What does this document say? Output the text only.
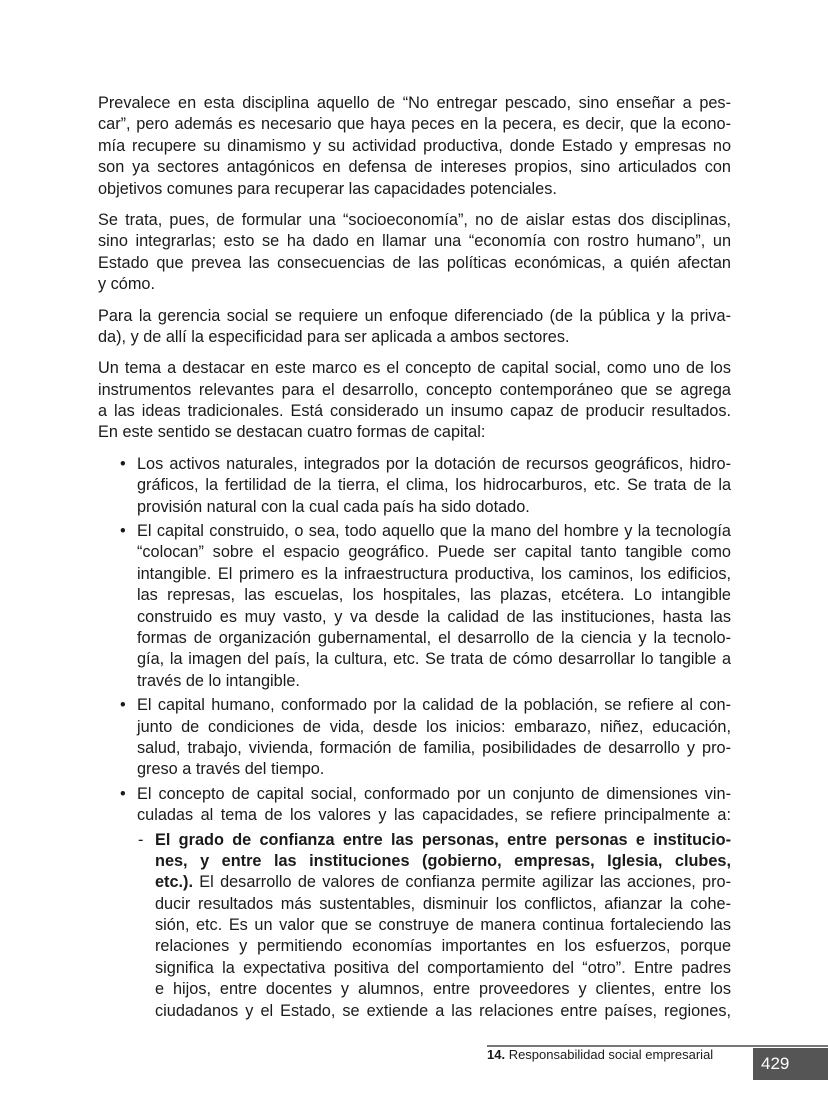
Prevalece en esta disciplina aquello de “No entregar pescado, sino enseñar a pes-
car”, pero además es necesario que haya peces en la pecera, es decir, que la econo-
mía recupere su dinamismo y su actividad productiva, donde Estado y empresas no
son ya sectores antagónicos en defensa de intereses propios, sino articulados con
objetivos comunes para recuperar las capacidades potenciales.
Se trata, pues, de formular una “socioeconomía”, no de aislar estas dos disciplinas,
sino integrarlas; esto se ha dado en llamar una “economía con rostro humano”, un
Estado que prevea las consecuencias de las políticas económicas, a quién afectan
y cómo.
Para la gerencia social se requiere un enfoque diferenciado (de la pública y la priva-
da), y de allí la especificidad para ser aplicada a ambos sectores.
Un tema a destacar en este marco es el concepto de capital social, como uno de los
instrumentos relevantes para el desarrollo, concepto contemporáneo que se agrega
a las ideas tradicionales. Está considerado un insumo capaz de producir resultados.
En este sentido se destacan cuatro formas de capital:
• Los activos naturales, integrados por la dotación de recursos geográficos, hidro-
gráficos, la fertilidad de la tierra, el clima, los hidrocarburos, etc. Se trata de la
provisión natural con la cual cada país ha sido dotado.
• El capital construido, o sea, todo aquello que la mano del hombre y la tecnología
“colocan” sobre el espacio geográfico. Puede ser capital tanto tangible como
intangible. El primero es la infraestructura productiva, los caminos, los edificios,
las represas, las escuelas, los hospitales, las plazas, etcétera. Lo intangible
construido es muy vasto, y va desde la calidad de las instituciones, hasta las
formas de organización gubernamental, el desarrollo de la ciencia y la tecnolo-
gía, la imagen del país, la cultura, etc. Se trata de cómo desarrollar lo tangible a
través de lo intangible.
• El capital humano, conformado por la calidad de la población, se refiere al con-
junto de condiciones de vida, desde los inicios: embarazo, niñez, educación,
salud, trabajo, vivienda, formación de familia, posibilidades de desarrollo y pro-
greso a través del tiempo.
• El concepto de capital social, conformado por un conjunto de dimensiones vin-
culadas al tema de los valores y las capacidades, se refiere principalmente a:
- El grado de confianza entre las personas, entre personas e institucio-
nes, y entre las instituciones (gobierno, empresas, Iglesia, clubes,
etc.). El desarrollo de valores de confianza permite agilizar las acciones, pro-
ducir resultados más sustentables, disminuir los conflictos, afianzar la cohe-
sión, etc. Es un valor que se construye de manera continua fortaleciendo las
relaciones y permitiendo economías importantes en los esfuerzos, porque
significa la expectativa positiva del comportamiento del “otro”. Entre padres
e hijos, entre docentes y alumnos, entre proveedores y clientes, entre los
ciudadanos y el Estado, se extiende a las relaciones entre países, regiones,
14. Responsabilidad social empresarial	429
